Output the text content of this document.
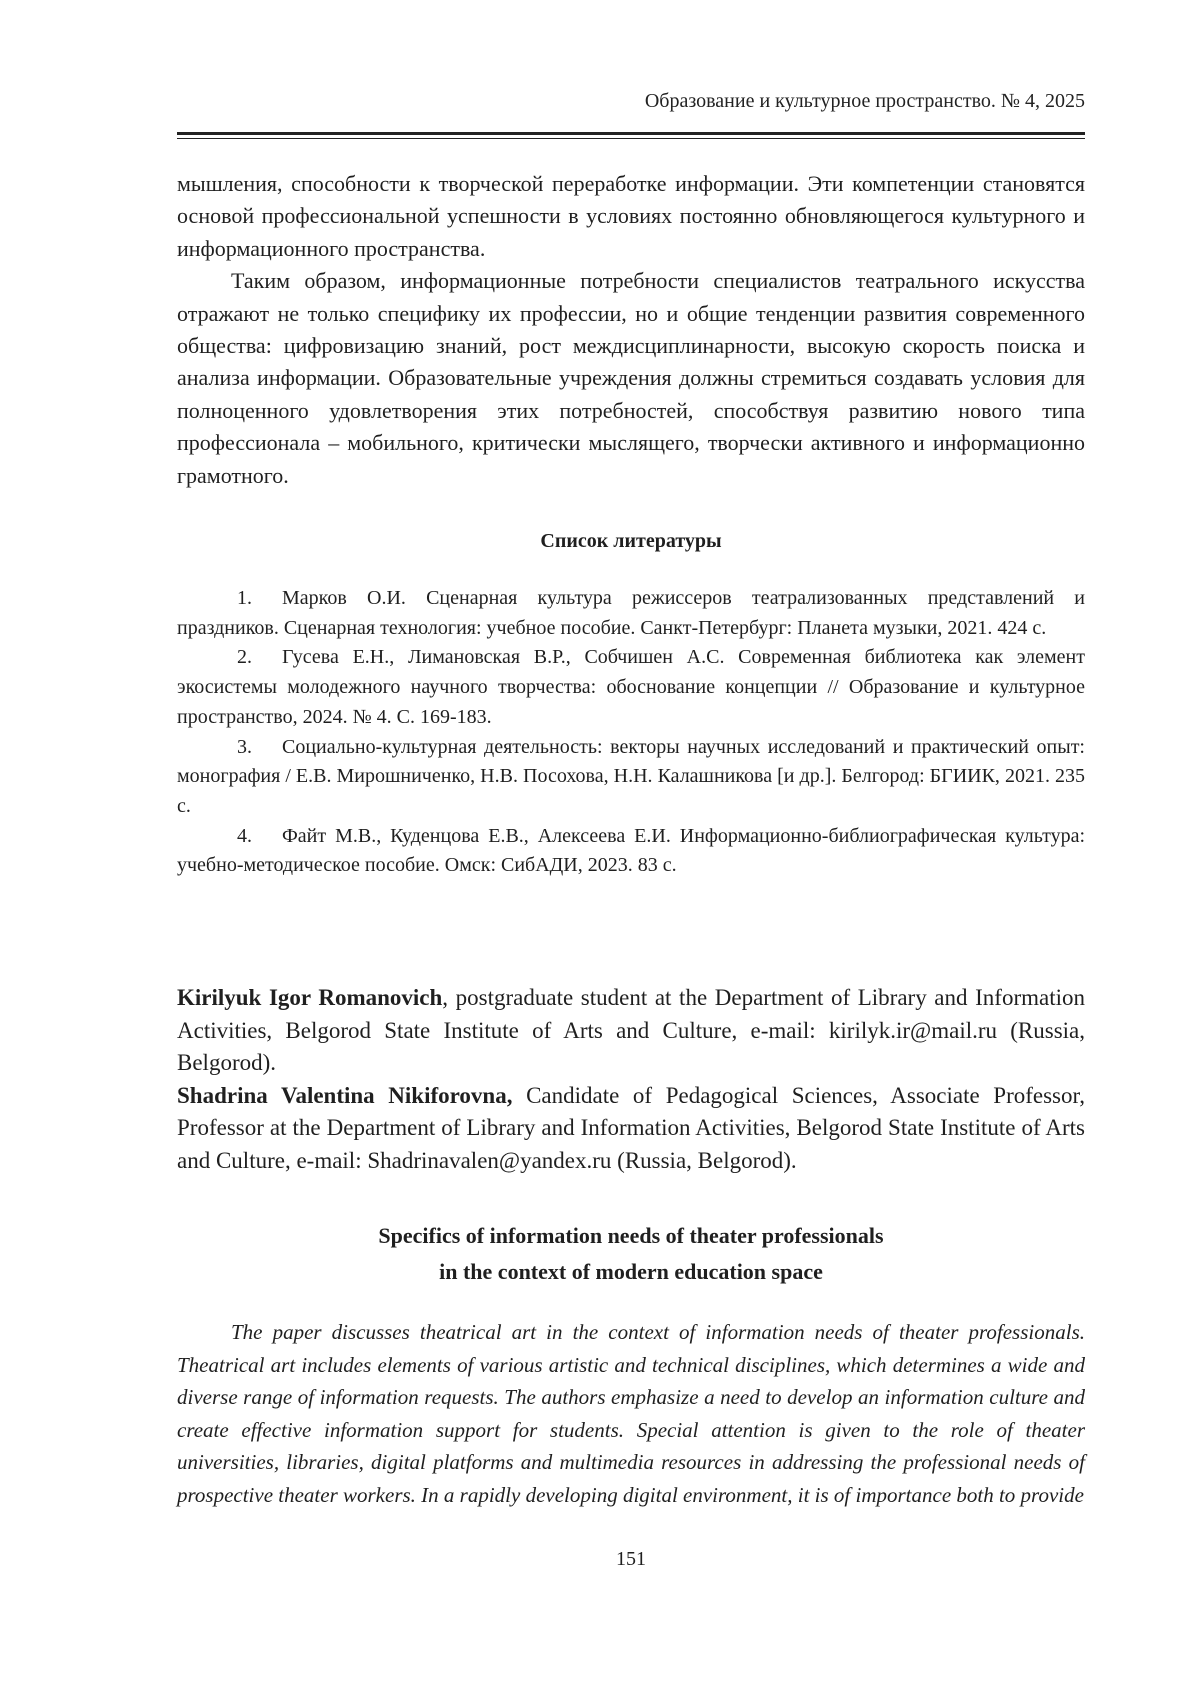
Образование и культурное пространство. № 4, 2025

мышления, способности к творческой переработке информации. Эти компетенции становятся основой профессиональной успешности в условиях постоянно обновляющегося культурного и информационного пространства.

Таким образом, информационные потребности специалистов театрального искусства отражают не только специфику их профессии, но и общие тенденции развития современного общества: цифровизацию знаний, рост междисциплинарности, высокую скорость поиска и анализа информации. Образовательные учреждения должны стремиться создавать условия для полноценного удовлетворения этих потребностей, способствуя развитию нового типа профессионала – мобильного, критически мыслящего, творчески активного и информационно грамотного.

Список литературы
1. Марков О.И. Сценарная культура режиссеров театрализованных представлений и праздников. Сценарная технология: учебное пособие. Санкт-Петербург: Планета музыки, 2021. 424 с.
2. Гусева Е.Н., Лимановская В.Р., Собчишен А.С. Современная библиотека как элемент экосистемы молодежного научного творчества: обоснование концепции // Образование и культурное пространство, 2024. № 4. С. 169-183.
3. Социально-культурная деятельность: векторы научных исследований и практический опыт: монография / Е.В. Мирошниченко, Н.В. Посохова, Н.Н. Калашникова [и др.]. Белгород: БГИИК, 2021. 235 с.
4. Файт М.В., Куденцова Е.В., Алексеева Е.И. Информационно-библиографическая культура: учебно-методическое пособие. Омск: СибАДИ, 2023. 83 с.

Kirilyuk Igor Romanovich, postgraduate student at the Department of Library and Information Activities, Belgorod State Institute of Arts and Culture, e-mail: kirilyk.ir@mail.ru (Russia, Belgorod).

Shadrina Valentina Nikiforovna, Candidate of Pedagogical Sciences, Associate Professor, Professor at the Department of Library and Information Activities, Belgorod State Institute of Arts and Culture, e-mail: Shadrinavalen@yandex.ru (Russia, Belgorod).

Specifics of information needs of theater professionals
in the context of modern education space

The paper discusses theatrical art in the context of information needs of theater professionals. Theatrical art includes elements of various artistic and technical disciplines, which determines a wide and diverse range of information requests. The authors emphasize a need to develop an information culture and create effective information support for students. Special attention is given to the role of theater universities, libraries, digital platforms and multimedia resources in addressing the professional needs of prospective theater workers. In a rapidly developing digital environment, it is of importance both to provide

151
